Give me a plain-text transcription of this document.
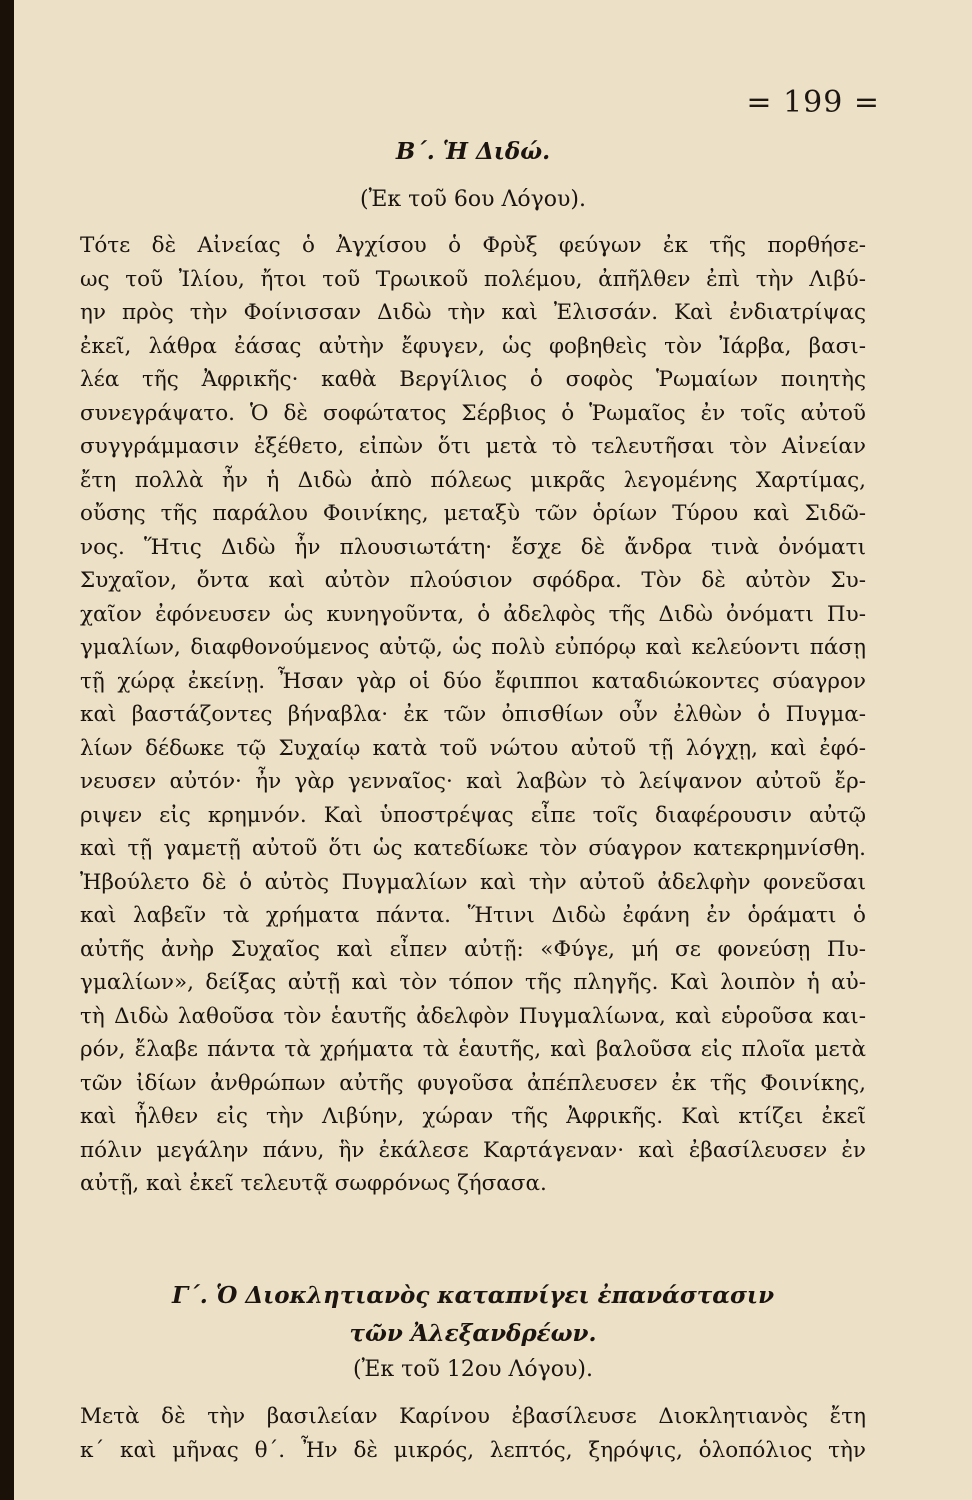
= 199 =
Β΄. Ἡ Διδώ.
(Ἐκ τοῦ 6ου Λόγου).
Τότε δὲ Αἰνείας ὁ Ἀγχίσου ὁ Φρὺξ φεύγων ἐκ τῆς πορθήσε-
ως τοῦ Ἰλίου, ἤτοι τοῦ Τρωικοῦ πολέμου, ἀπῆλθεν ἐπὶ τὴν Λιβύ-
ην πρὸς τὴν Φοίνισσαν Διδὼ τὴν καὶ Ἐλισσάν. Καὶ ἐνδιατρίψας
ἐκεῖ, λάθρα ἐάσας αὐτὴν ἔφυγεν, ὡς φοβηθεὶς τὸν Ἰάρβα, βασι-
λέα τῆς Ἀφρικῆς· καθὰ Βεργίλιος ὁ σοφὸς Ῥωμαίων ποιητὴς
συνεγράψατο. Ὁ δὲ σοφώτατος Σέρβιος ὁ Ῥωμαῖος ἐν τοῖς αὐτοῦ
συγγράμμασιν ἐξέθετο, εἰπὼν ὅτι μετὰ τὸ τελευτῆσαι τὸν Αἰνείαν
ἔτη πολλὰ ἦν ἡ Διδὼ ἀπὸ πόλεως μικρᾶς λεγομένης Χαρτίμας,
οὔσης τῆς παράλου Φοινίκης, μεταξὺ τῶν ὁρίων Τύρου καὶ Σιδῶ-
νος. Ἥτις Διδὼ ἦν πλουσιωτάτη· ἔσχε δὲ ἄνδρα τινὰ ὀνόματι
Συχαῖον, ὄντα καὶ αὐτὸν πλούσιον σφόδρα. Τὸν δὲ αὐτὸν Συ-
χαῖον ἐφόνευσεν ὡς κυνηγοῦντα, ὁ ἀδελφὸς τῆς Διδὼ ὀνόματι Πυ-
γμαλίων, διαφθονούμενος αὐτῷ, ὡς πολὺ εὐπόρῳ καὶ κελεύοντι πάσῃ
τῇ χώρᾳ ἐκείνῃ. Ἦσαν γὰρ οἱ δύο ἔφιπποι καταδιώκοντες σύαγρον
καὶ βαστάζοντες βήναβλα· ἐκ τῶν ὀπισθίων οὖν ἐλθὼν ὁ Πυγμα-
λίων δέδωκε τῷ Συχαίῳ κατὰ τοῦ νώτου αὐτοῦ τῇ λόγχῃ, καὶ ἐφό-
νευσεν αὐτόν· ἦν γὰρ γενναῖος· καὶ λαβὼν τὸ λείψανον αὐτοῦ ἔρ-
ριψεν εἰς κρημνόν. Καὶ ὑποστρέψας εἶπε τοῖς διαφέρουσιν αὐτῷ
καὶ τῇ γαμετῇ αὐτοῦ ὅτι ὡς κατεδίωκε τὸν σύαγρον κατεκρημνίσθη.
Ἠβούλετο δὲ ὁ αὐτὸς Πυγμαλίων καὶ τὴν αὐτοῦ ἀδελφὴν φονεῦσαι
καὶ λαβεῖν τὰ χρήματα πάντα. Ἥτινι Διδὼ ἐφάνη ἐν ὁράματι ὁ
αὐτῆς ἀνὴρ Συχαῖος καὶ εἶπεν αὐτῇ: «Φύγε, μή σε φονεύσῃ Πυ-
γμαλίων», δείξας αὐτῇ καὶ τὸν τόπον τῆς πληγῆς. Καὶ λοιπὸν ἡ αὐ-
τὴ Διδὼ λαθοῦσα τὸν ἑαυτῆς ἀδελφὸν Πυγμαλίωνα, καὶ εὑροῦσα και-
ρόν, ἔλαβε πάντα τὰ χρήματα τὰ ἑαυτῆς, καὶ βαλοῦσα εἰς πλοῖα μετὰ
τῶν ἰδίων ἀνθρώπων αὐτῆς φυγοῦσα ἀπέπλευσεν ἐκ τῆς Φοινίκης,
καὶ ἦλθεν εἰς τὴν Λιβύην, χώραν τῆς Ἀφρικῆς. Καὶ κτίζει ἐκεῖ
πόλιν μεγάλην πάνυ, ἣν ἐκάλεσε Καρτάγεναν· καὶ ἐβασίλευσεν ἐν
αὐτῇ, καὶ ἐκεῖ τελευτᾷ σωφρόνως ζήσασα.
Γ΄. Ὁ Διοκλητιανὸς καταπνίγει ἐπανάστασιν
τῶν Ἀλεξανδρέων.
(Ἐκ τοῦ 12ου Λόγου).
Μετὰ δὲ τὴν βασιλείαν Καρίνου ἐβασίλευσε Διοκλητιανὸς ἔτη
κ΄ καὶ μῆνας θ΄. Ἦν δὲ μικρός, λεπτός, ξηρόψις, ὁλοπόλιος τὴν
